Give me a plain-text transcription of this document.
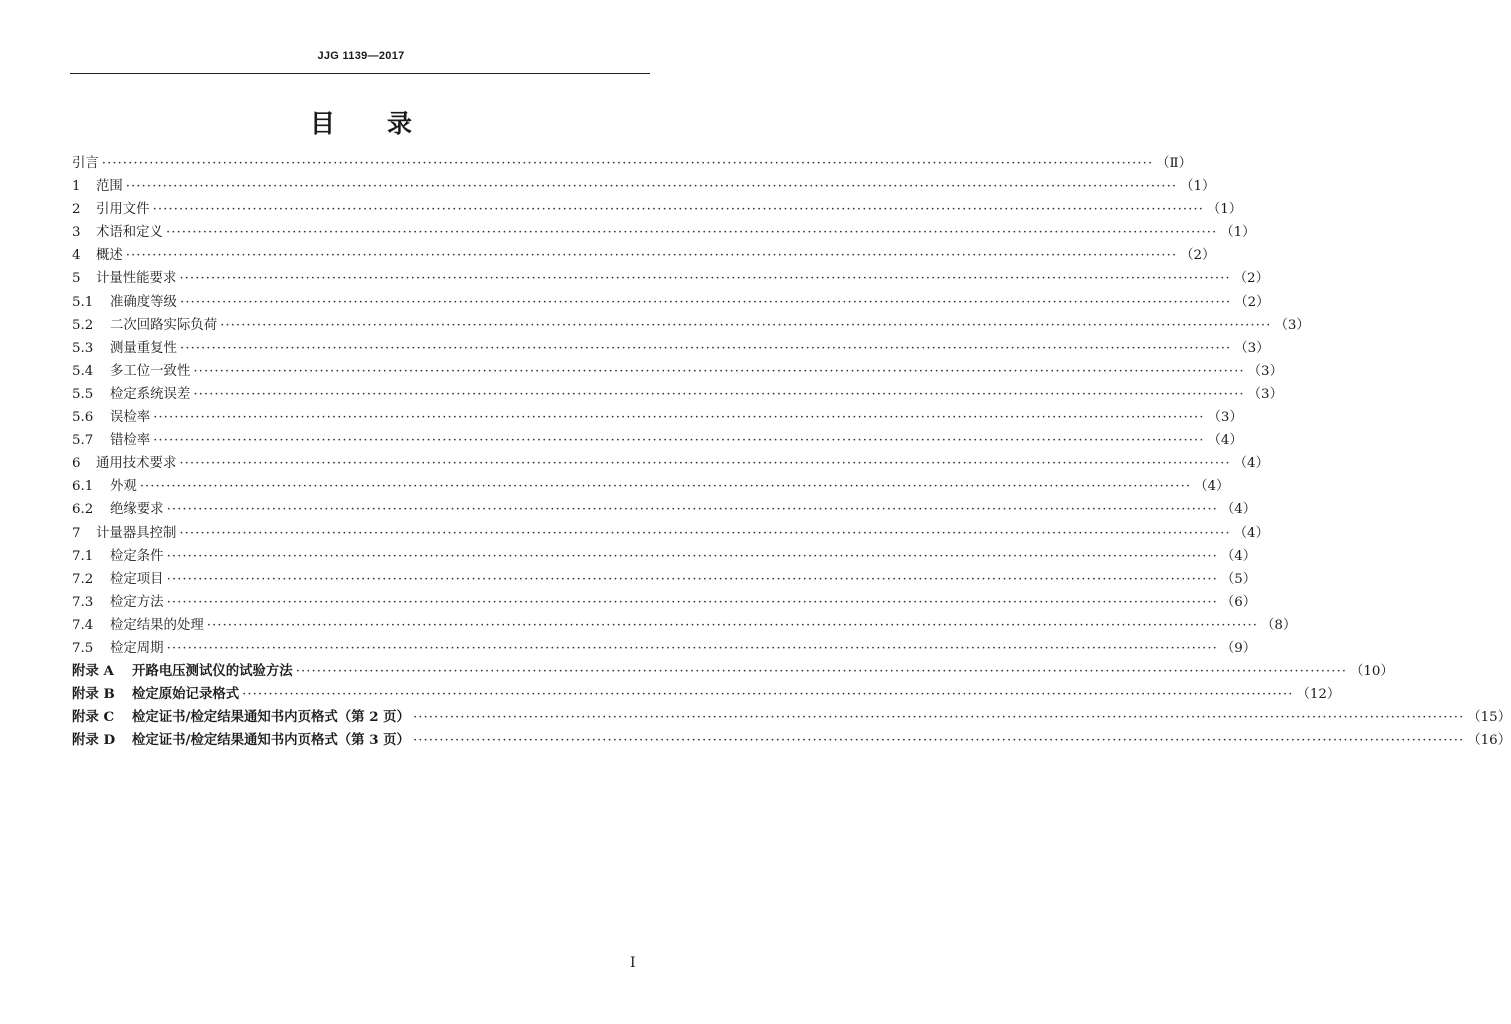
JJG 1139—2017
目 录
引言 ········································································································································································································ （Ⅱ）
1	范围 ········································································································································································································ （1）
2	引用文件 ········································································································································································································ （1）
3	术语和定义 ········································································································································································································ （1）
4	概述 ········································································································································································································ （2）
5	计量性能要求 ········································································································································································································ （2）
5.1	准确度等级 ········································································································································································································ （2）
5.2	二次回路实际负荷 ········································································································································································································ （3）
5.3	测量重复性 ········································································································································································································ （3）
5.4	多工位一致性 ········································································································································································································ （3）
5.5	检定系统误差 ········································································································································································································ （3）
5.6	误检率 ········································································································································································································ （3）
5.7	错检率 ········································································································································································································ （4）
6	通用技术要求 ········································································································································································································ （4）
6.1	外观 ········································································································································································································ （4）
6.2	绝缘要求 ········································································································································································································ （4）
7	计量器具控制 ········································································································································································································ （4）
7.1	检定条件 ········································································································································································································ （4）
7.2	检定项目 ········································································································································································································ （5）
7.3	检定方法 ········································································································································································································ （6）
7.4	检定结果的处理 ········································································································································································································ （8）
7.5	检定周期 ········································································································································································································ （9）
附录 A	开路电压测试仪的试验方法 ········································································································································································································ （10）
附录 B	检定原始记录格式 ········································································································································································································ （12）
附录 C	检定证书/检定结果通知书内页格式（第 2 页） ········································································································································································································ （15）
附录 D	检定证书/检定结果通知书内页格式（第 3 页） ········································································································································································································ （16）
Ⅰ
